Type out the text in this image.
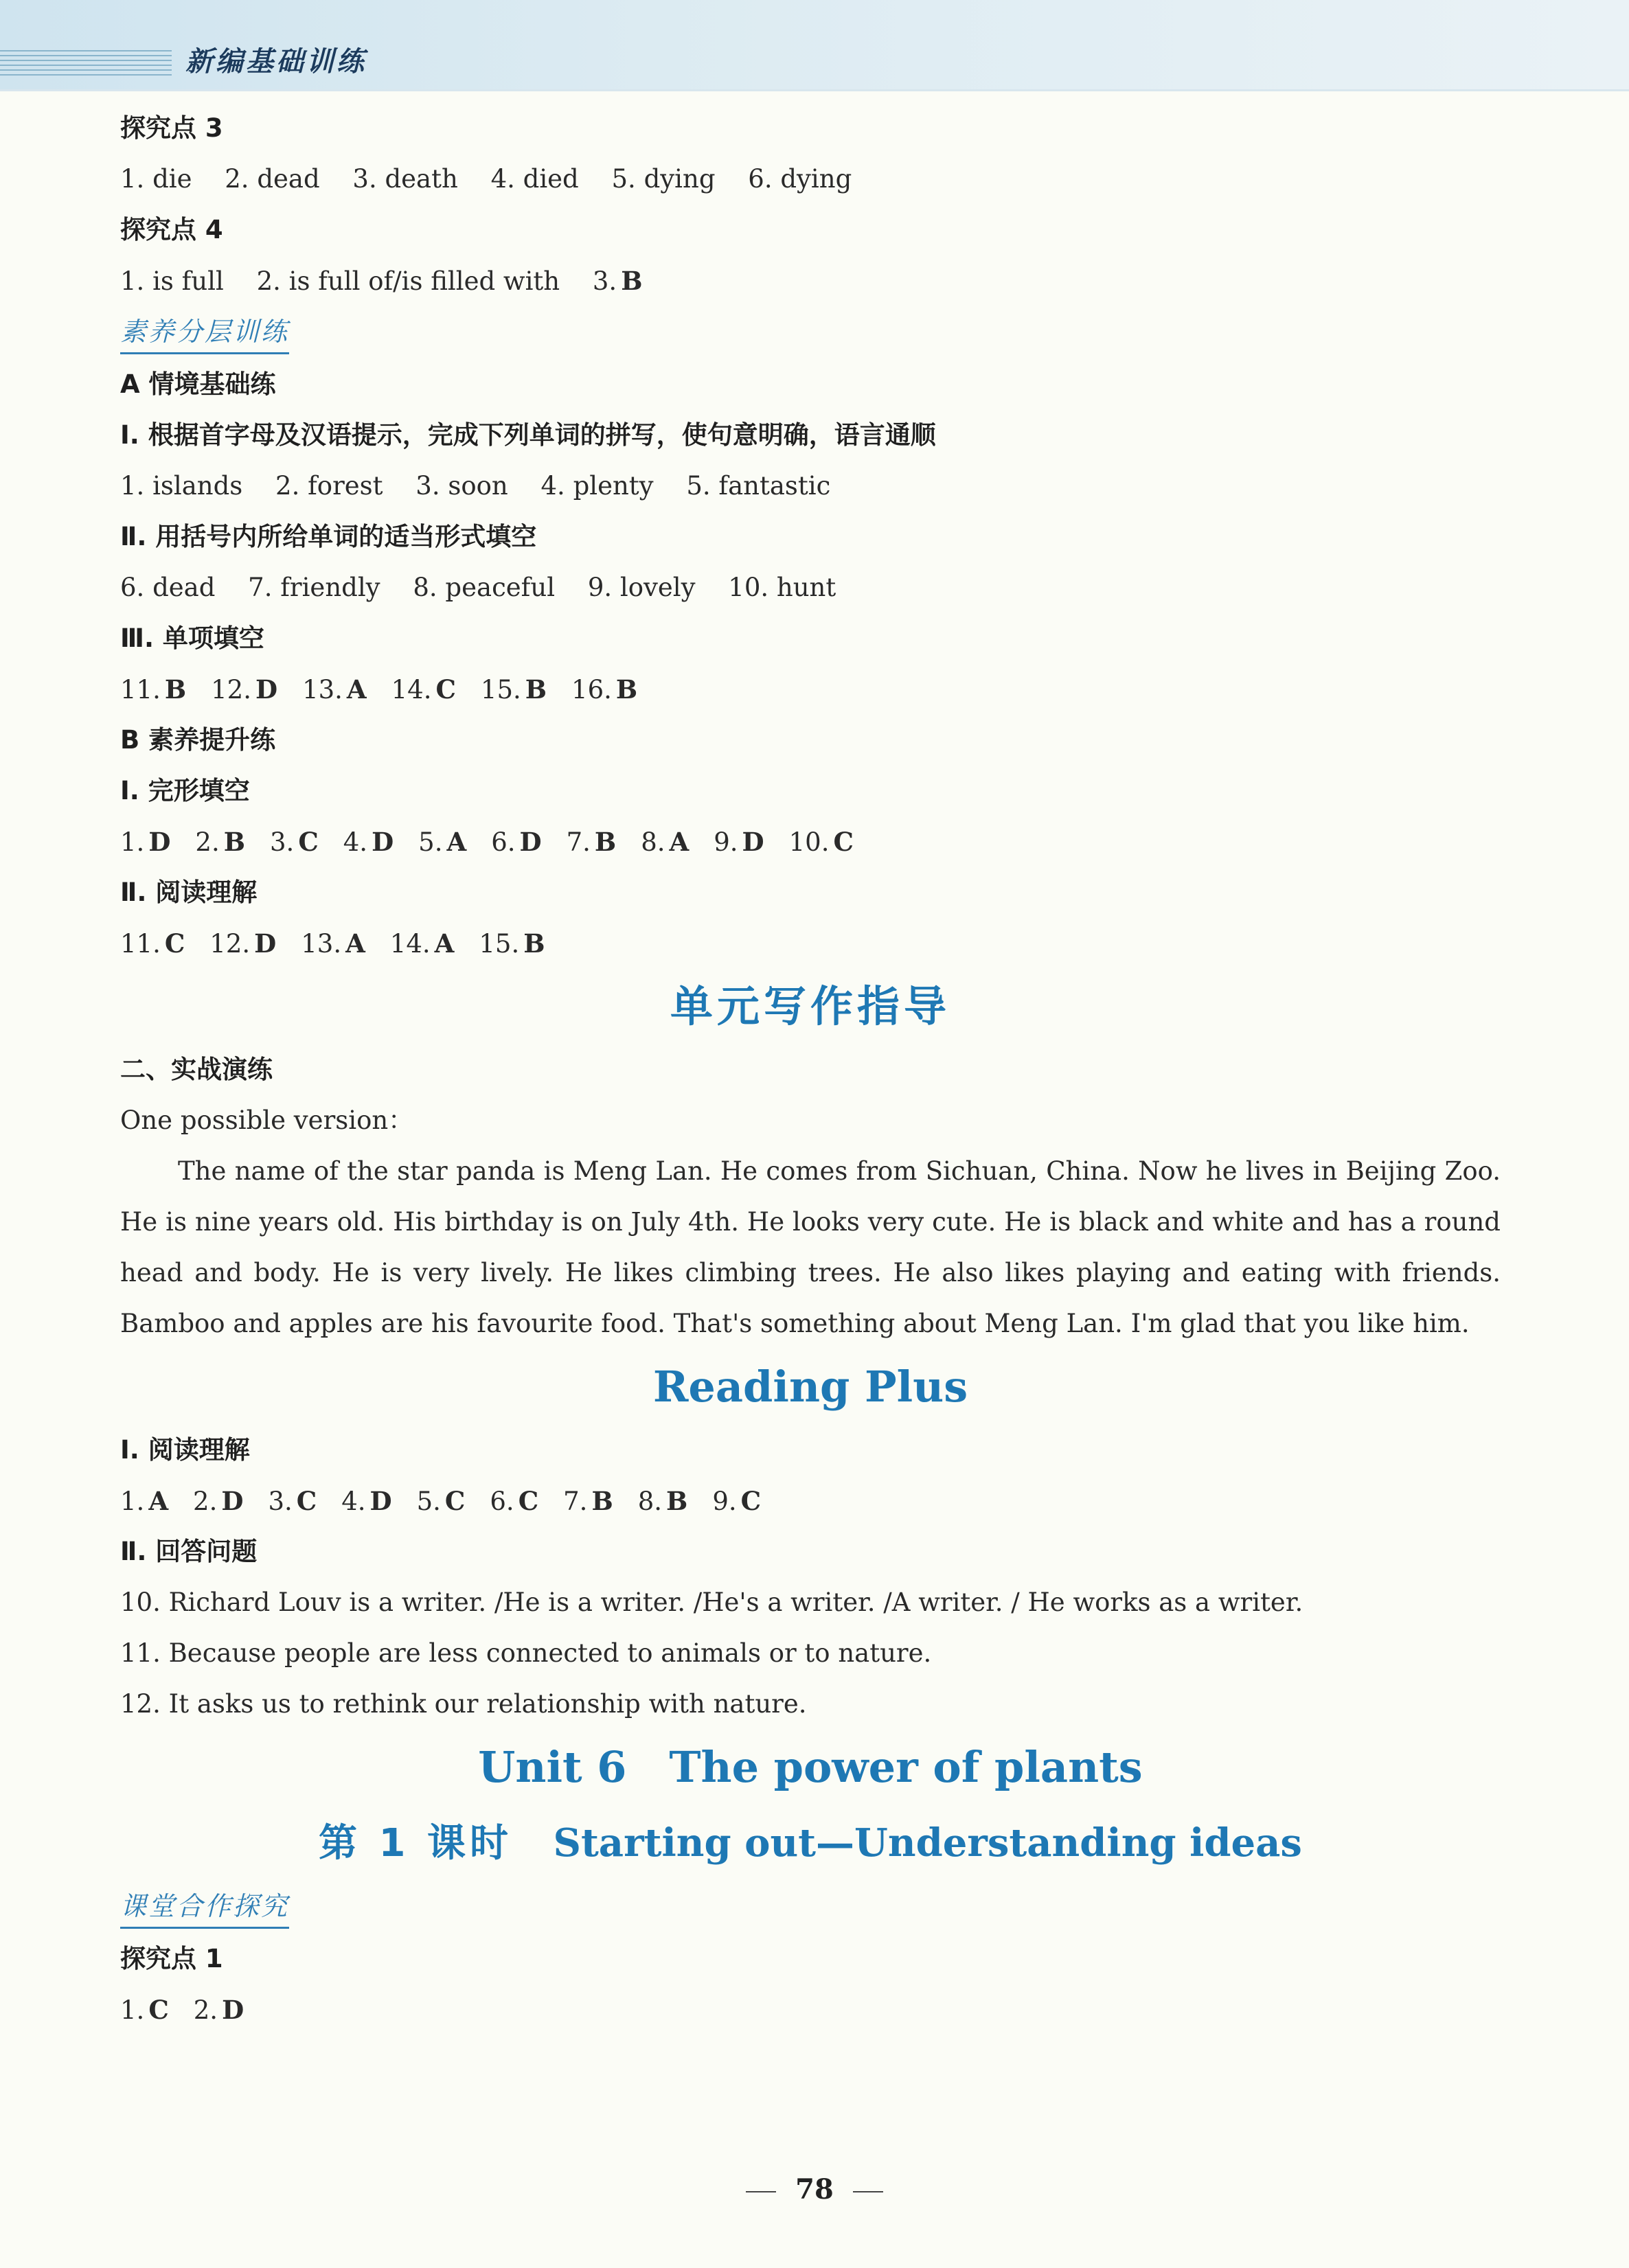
新编基础训练
探究点 3
1. die 2. dead 3. death 4. died 5. dying 6. dying
探究点 4
1. is full 2. is full of/is filled with 3. B
素养分层训练
A 情境基础练
Ⅰ. 根据首字母及汉语提示，完成下列单词的拼写，使句意明确，语言通顺
1. islands 2. forest 3. soon 4. plenty 5. fantastic
Ⅱ. 用括号内所给单词的适当形式填空
6. dead 7. friendly 8. peaceful 9. lovely 10. hunt
Ⅲ. 单项填空
11. B 12. D 13. A 14. C 15. B 16. B
B 素养提升练
Ⅰ. 完形填空
1. D 2. B 3. C 4. D 5. A 6. D 7. B 8. A 9. D 10. C
Ⅱ. 阅读理解
11. C 12. D 13. A 14. A 15. B
单元写作指导
二、实战演练
One possible version：
The name of the star panda is Meng Lan. He comes from Sichuan, China. Now he lives in Beijing Zoo. He is nine years old. His birthday is on July 4th. He looks very cute. He is black and white and has a round head and body. He is very lively. He likes climbing trees. He also likes playing and eating with friends. Bamboo and apples are his favourite food. That's something about Meng Lan. I'm glad that you like him.
Reading Plus
Ⅰ. 阅读理解
1. A 2. D 3. C 4. D 5. C 6. C 7. B 8. B 9. C
Ⅱ. 回答问题
10. Richard Louv is a writer. /He is a writer. /He's a writer. /A writer. / He works as a writer.
11. Because people are less connected to animals or to nature.
12. It asks us to rethink our relationship with nature.
Unit 6　The power of plants
第 1 课时 Starting out—Understanding ideas
课堂合作探究
探究点 1
1. C 2. D
78
